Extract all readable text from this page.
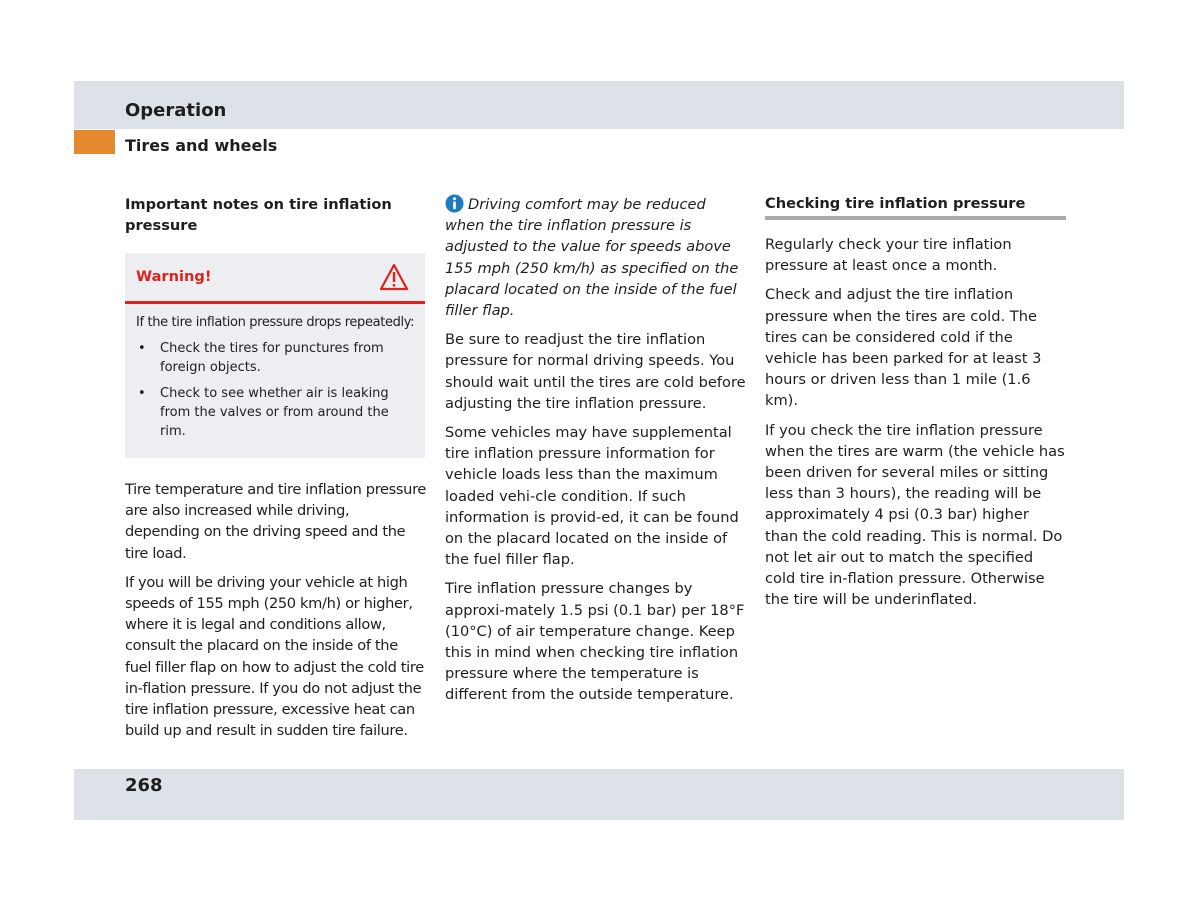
Operation
Tires and wheels
Important notes on tire inflation pressure
Warning!

If the tire inflation pressure drops repeatedly:

• Check the tires for punctures from foreign objects.
• Check to see whether air is leaking from the valves or from around the rim.

Tire temperature and tire inflation pressure are also increased while driving, depending on the driving speed and the tire load.

If you will be driving your vehicle at high speeds of 155 mph (250 km/h) or higher, where it is legal and conditions allow, consult the placard on the inside of the fuel filler flap on how to adjust the cold tire in-flation pressure. If you do not adjust the tire inflation pressure, excessive heat can build up and result in sudden tire failure.

Driving comfort may be reduced when the tire inflation pressure is adjusted to the value for speeds above 155 mph (250 km/h) as specified on the placard located on the inside of the fuel filler flap.

Be sure to readjust the tire inflation pressure for normal driving speeds. You should wait until the tires are cold before adjusting the tire inflation pressure.

Some vehicles may have supplemental tire inflation pressure information for vehicle loads less than the maximum loaded vehi-cle condition. If such information is provid-ed, it can be found on the placard located on the inside of the fuel filler flap.

Tire inflation pressure changes by approxi-mately 1.5 psi (0.1 bar) per 18°F (10°C) of air temperature change. Keep this in mind when checking tire inflation pressure where the temperature is different from the outside temperature.

Checking tire inflation pressure

Regularly check your tire inflation pressure at least once a month.

Check and adjust the tire inflation pressure when the tires are cold. The tires can be considered cold if the vehicle has been parked for at least 3 hours or driven less than 1 mile (1.6 km).

If you check the tire inflation pressure when the tires are warm (the vehicle has been driven for several miles or sitting less than 3 hours), the reading will be approximately 4 psi (0.3 bar) higher than the cold reading. This is normal. Do not let air out to match the specified cold tire in-flation pressure. Otherwise the tire will be underinflated.

268
